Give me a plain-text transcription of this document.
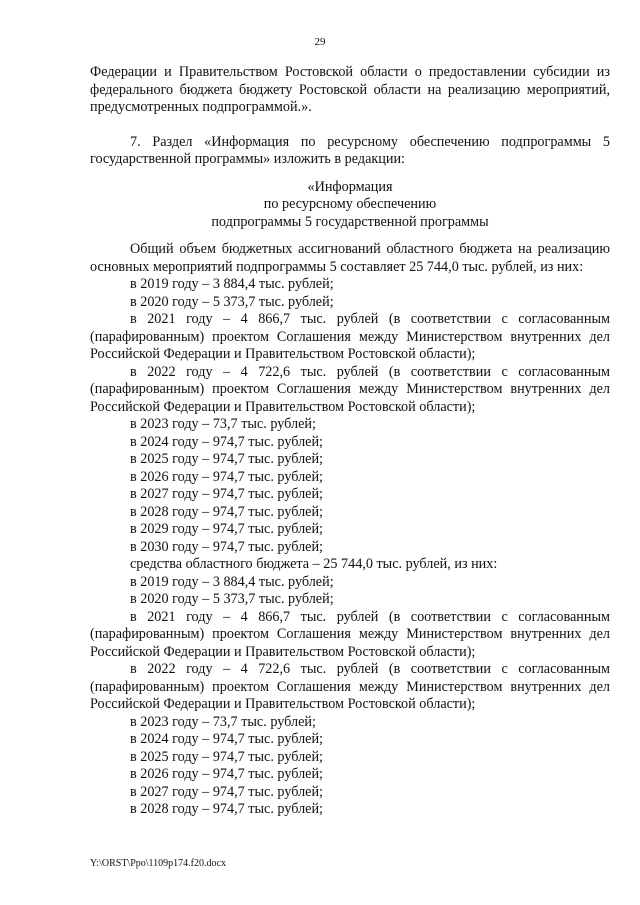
29

Федерации и Правительством Ростовской области о предоставлении субсидии из федерального бюджета бюджету Ростовской области на реализацию мероприятий, предусмотренных подпрограммой.».

7. Раздел «Информация по ресурсному обеспечению подпрограммы 5 государственной программы» изложить в редакции:

«Информация

по ресурсному обеспечению

подпрограммы 5 государственной программы

Общий объем бюджетных ассигнований областного бюджета на реализацию основных мероприятий подпрограммы 5 составляет 25 744,0 тыс. рублей, из них:

в 2019 году – 3 884,4 тыс. рублей;

в 2020 году – 5 373,7 тыс. рублей;

в 2021 году – 4 866,7 тыс. рублей (в соответствии с согласованным (парафированным) проектом Соглашения между Министерством внутренних дел Российской Федерации и Правительством Ростовской области);

в 2022 году – 4 722,6 тыс. рублей (в соответствии с согласованным (парафированным) проектом Соглашения между Министерством внутренних дел Российской Федерации и Правительством Ростовской области);

в 2023 году – 73,7 тыс. рублей;

в 2024 году – 974,7 тыс. рублей;

в 2025 году – 974,7 тыс. рублей;

в 2026 году – 974,7 тыс. рублей;

в 2027 году – 974,7 тыс. рублей;

в 2028 году – 974,7 тыс. рублей;

в 2029 году – 974,7 тыс. рублей;

в 2030 году – 974,7 тыс. рублей;

средства областного бюджета – 25 744,0 тыс. рублей, из них:

в 2019 году – 3 884,4 тыс. рублей;

в 2020 году – 5 373,7 тыс. рублей;

в 2021 году – 4 866,7 тыс. рублей (в соответствии с согласованным (парафированным) проектом Соглашения между Министерством внутренних дел Российской Федерации и Правительством Ростовской области);

в 2022 году – 4 722,6 тыс. рублей (в соответствии с согласованным (парафированным) проектом Соглашения между Министерством внутренних дел Российской Федерации и Правительством Ростовской области);

в 2023 году – 73,7 тыс. рублей;

в 2024 году – 974,7 тыс. рублей;

в 2025 году – 974,7 тыс. рублей;

в 2026 году – 974,7 тыс. рублей;

в 2027 году – 974,7 тыс. рублей;

в 2028 году – 974,7 тыс. рублей;

Y:\ORST\Ppo\1109p174.f20.docx
